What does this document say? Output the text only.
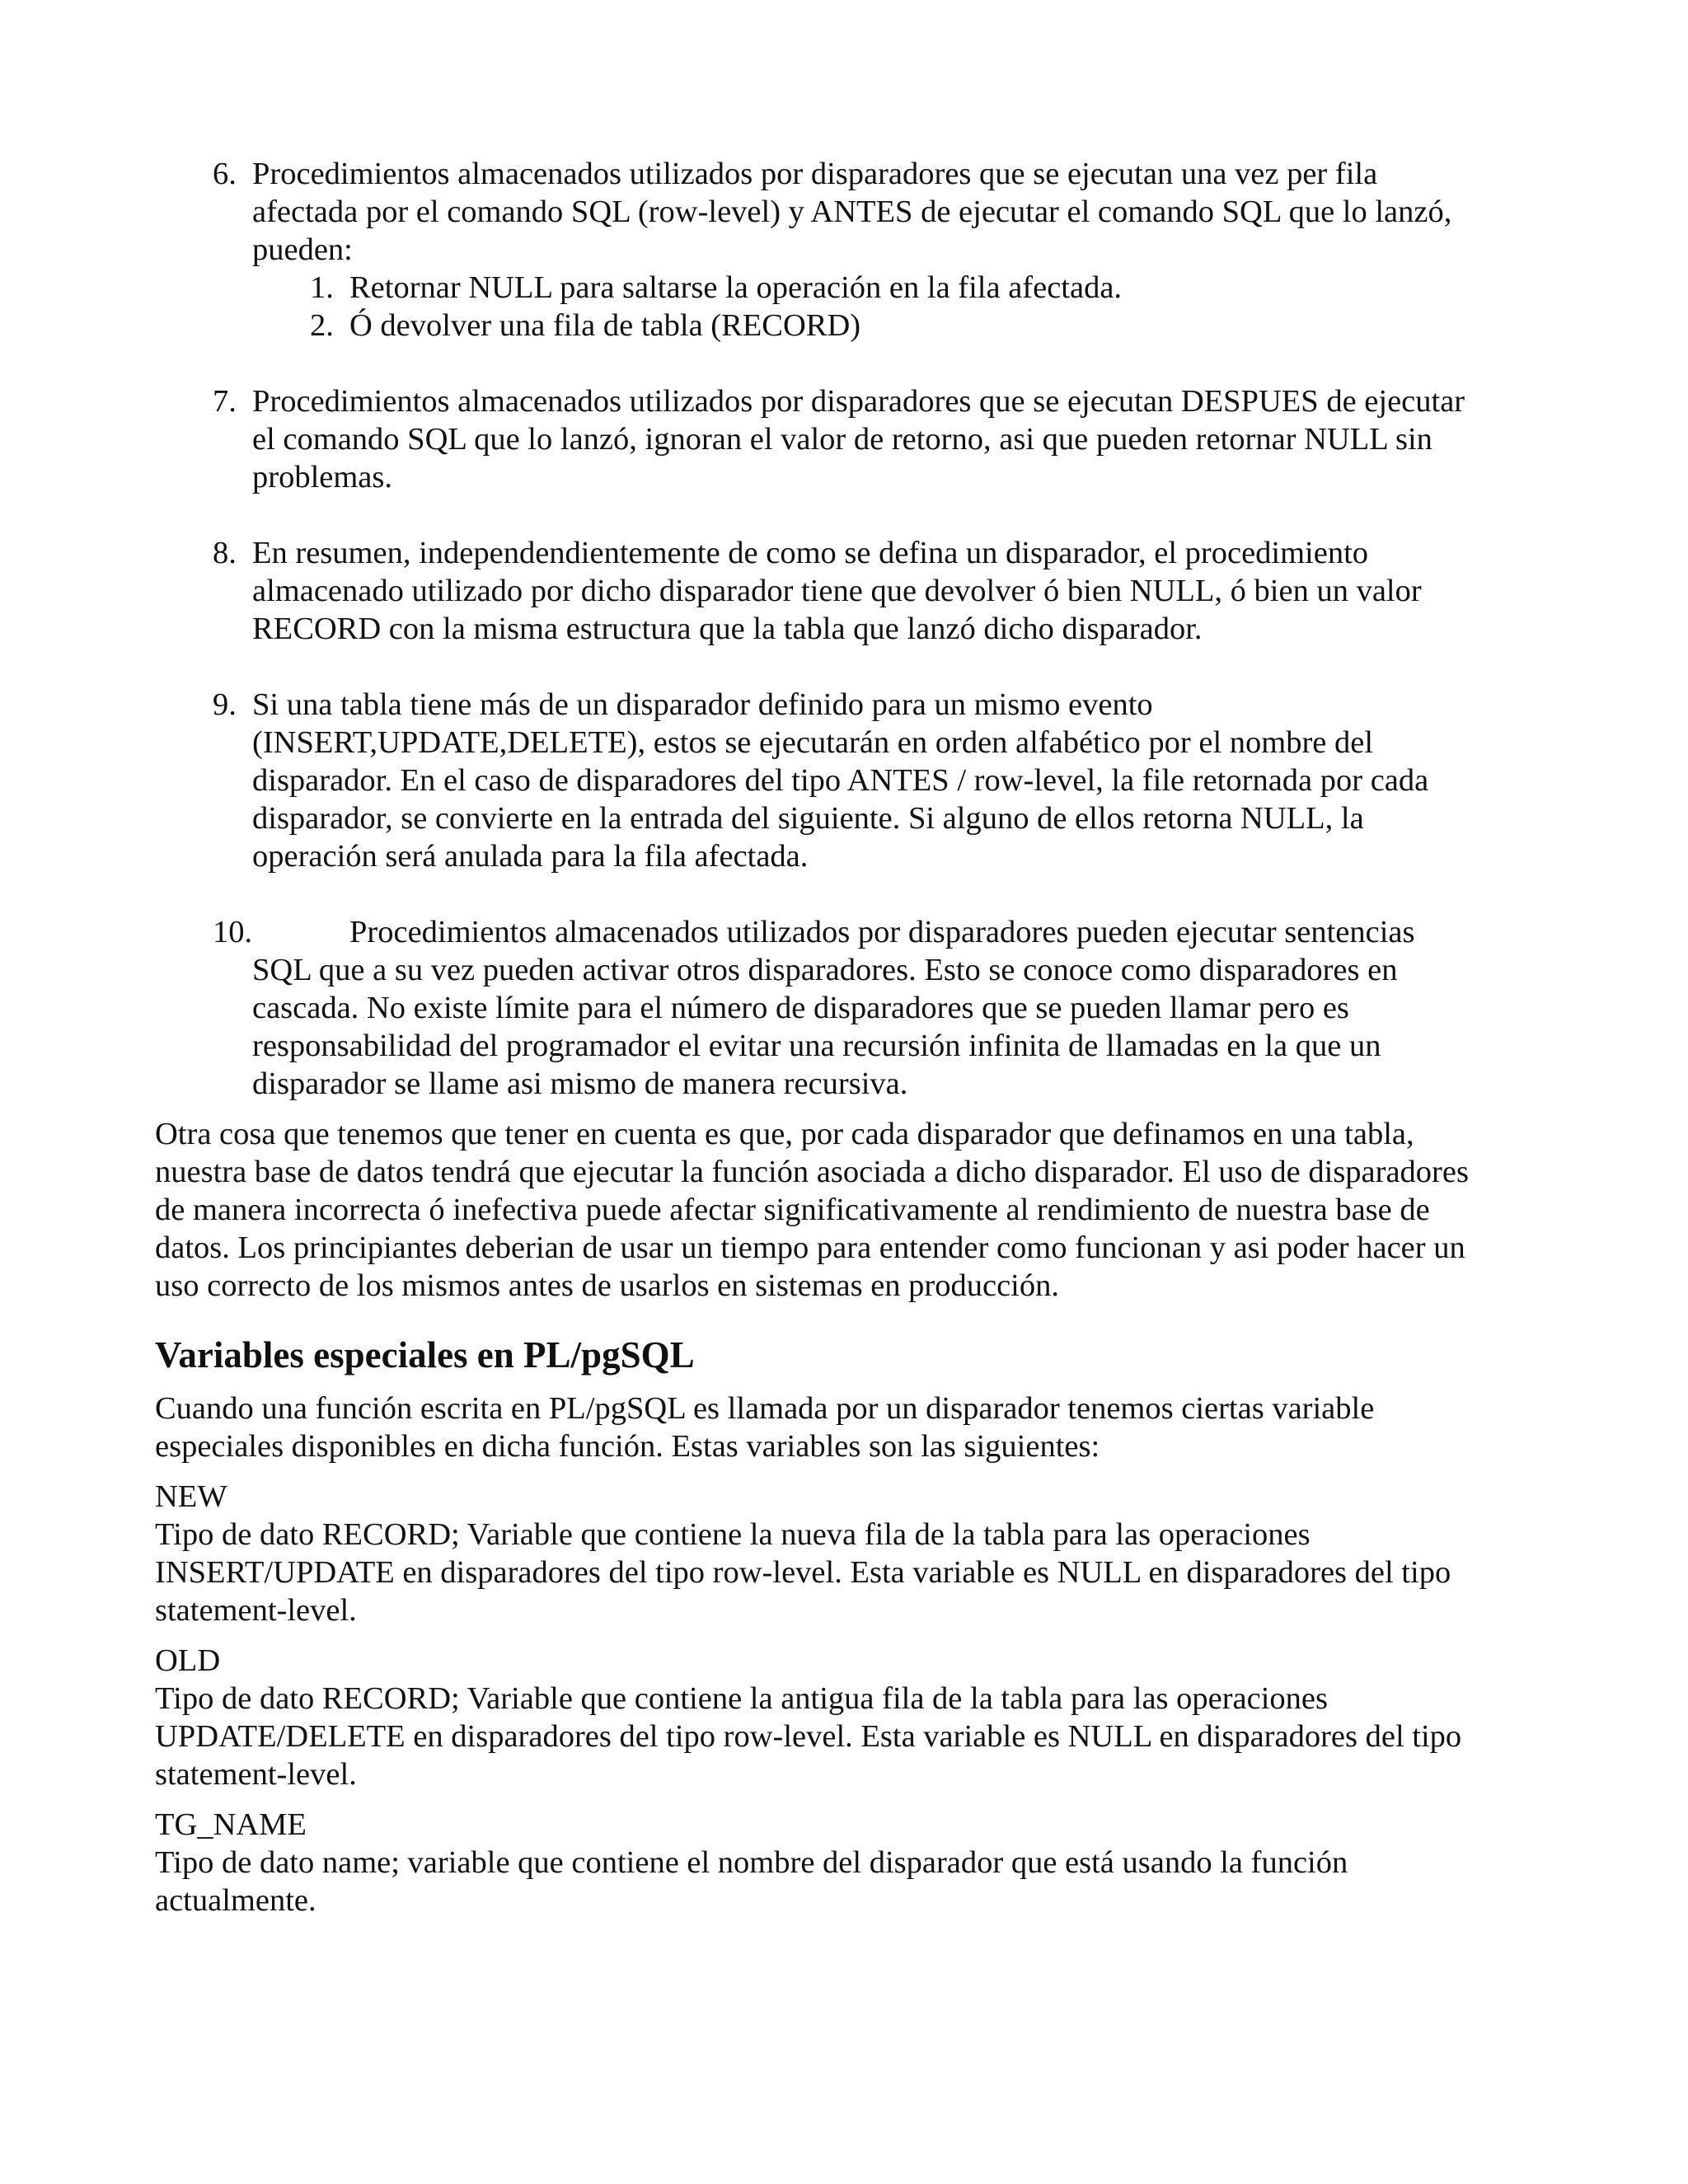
6. Procedimientos almacenados utilizados por disparadores que se ejecutan una vez per fila
afectada por el comando SQL (row-level) y ANTES de ejecutar el comando SQL que lo lanzó,
pueden:
1. Retornar NULL para saltarse la operación en la fila afectada.
2. Ó devolver una fila de tabla (RECORD)
7. Procedimientos almacenados utilizados por disparadores que se ejecutan DESPUES de ejecutar
el comando SQL que lo lanzó, ignoran el valor de retorno, asi que pueden retornar NULL sin
problemas.
8. En resumen, independendientemente de como se defina un disparador, el procedimiento
almacenado utilizado por dicho disparador tiene que devolver ó bien NULL, ó bien un valor
RECORD con la misma estructura que la tabla que lanzó dicho disparador.
9. Si una tabla tiene más de un disparador definido para un mismo evento
(INSERT,UPDATE,DELETE), estos se ejecutarán en orden alfabético por el nombre del
disparador. En el caso de disparadores del tipo ANTES / row-level, la file retornada por cada
disparador, se convierte en la entrada del siguiente. Si alguno de ellos retorna NULL, la
operación será anulada para la fila afectada.
10.	Procedimientos almacenados utilizados por disparadores pueden ejecutar sentencias
SQL que a su vez pueden activar otros disparadores. Esto se conoce como disparadores en
cascada. No existe límite para el número de disparadores que se pueden llamar pero es
responsabilidad del programador el evitar una recursión infinita de llamadas en la que un
disparador se llame asi mismo de manera recursiva.
Otra cosa que tenemos que tener en cuenta es que, por cada disparador que definamos en una tabla,
nuestra base de datos tendrá que ejecutar la función asociada a dicho disparador. El uso de disparadores
de manera incorrecta ó inefectiva puede afectar significativamente al rendimiento de nuestra base de
datos. Los principiantes deberian de usar un tiempo para entender como funcionan y asi poder hacer un
uso correcto de los mismos antes de usarlos en sistemas en producción.
Variables especiales en PL/pgSQL
Cuando una función escrita en PL/pgSQL es llamada por un disparador tenemos ciertas variable
especiales disponibles en dicha función. Estas variables son las siguientes:
NEW
Tipo de dato RECORD; Variable que contiene la nueva fila de la tabla para las operaciones
INSERT/UPDATE en disparadores del tipo row-level. Esta variable es NULL en disparadores del tipo
statement-level.
OLD
Tipo de dato RECORD; Variable que contiene la antigua fila de la tabla para las operaciones
UPDATE/DELETE en disparadores del tipo row-level. Esta variable es NULL en disparadores del tipo
statement-level.
TG_NAME
Tipo de dato name; variable que contiene el nombre del disparador que está usando la función
actualmente.
